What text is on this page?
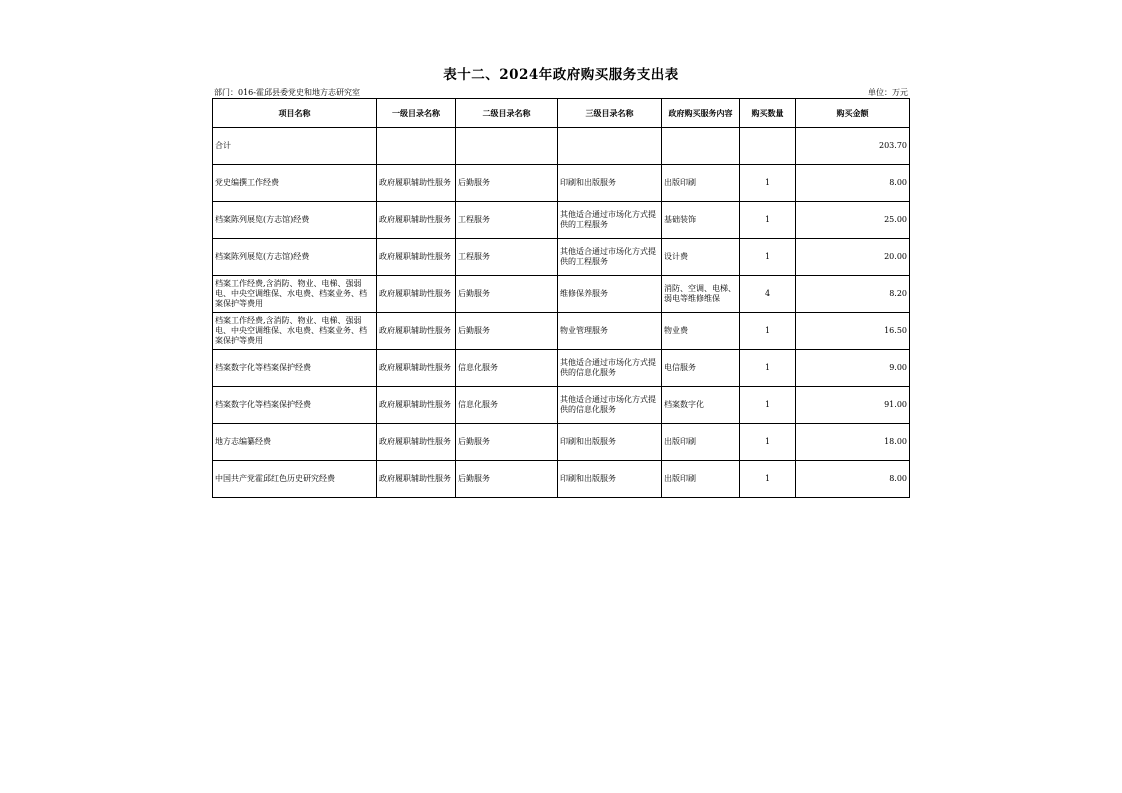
表十二、2024年政府购买服务支出表
部门：016-霍邱县委党史和地方志研究室	单位：万元
项目名称	一级目录名称	二级目录名称	三级目录名称	政府购买服务内容	购买数量	购买金额
合计						203.70
党史编撰工作经费	政府履职辅助性服务	后勤服务	印刷和出版服务	出版印刷	1	8.00
档案陈列展览(方志馆)经费	政府履职辅助性服务	工程服务	其他适合通过市场化方式提供的工程服务	基础装饰	1	25.00
档案陈列展览(方志馆)经费	政府履职辅助性服务	工程服务	其他适合通过市场化方式提供的工程服务	设计费	1	20.00
档案工作经费,含消防、物业、电梯、强弱电、中央空调维保、水电费、档案业务、档案保护等费用	政府履职辅助性服务	后勤服务	维修保养服务	消防、空调、电梯、弱电等维修维保	4	8.20
档案工作经费,含消防、物业、电梯、强弱电、中央空调维保、水电费、档案业务、档案保护等费用	政府履职辅助性服务	后勤服务	物业管理服务	物业费	1	16.50
档案数字化等档案保护经费	政府履职辅助性服务	信息化服务	其他适合通过市场化方式提供的信息化服务	电信服务	1	9.00
档案数字化等档案保护经费	政府履职辅助性服务	信息化服务	其他适合通过市场化方式提供的信息化服务	档案数字化	1	91.00
地方志编纂经费	政府履职辅助性服务	后勤服务	印刷和出版服务	出版印刷	1	18.00
中国共产党霍邱红色历史研究经费	政府履职辅助性服务	后勤服务	印刷和出版服务	出版印刷	1	8.00
